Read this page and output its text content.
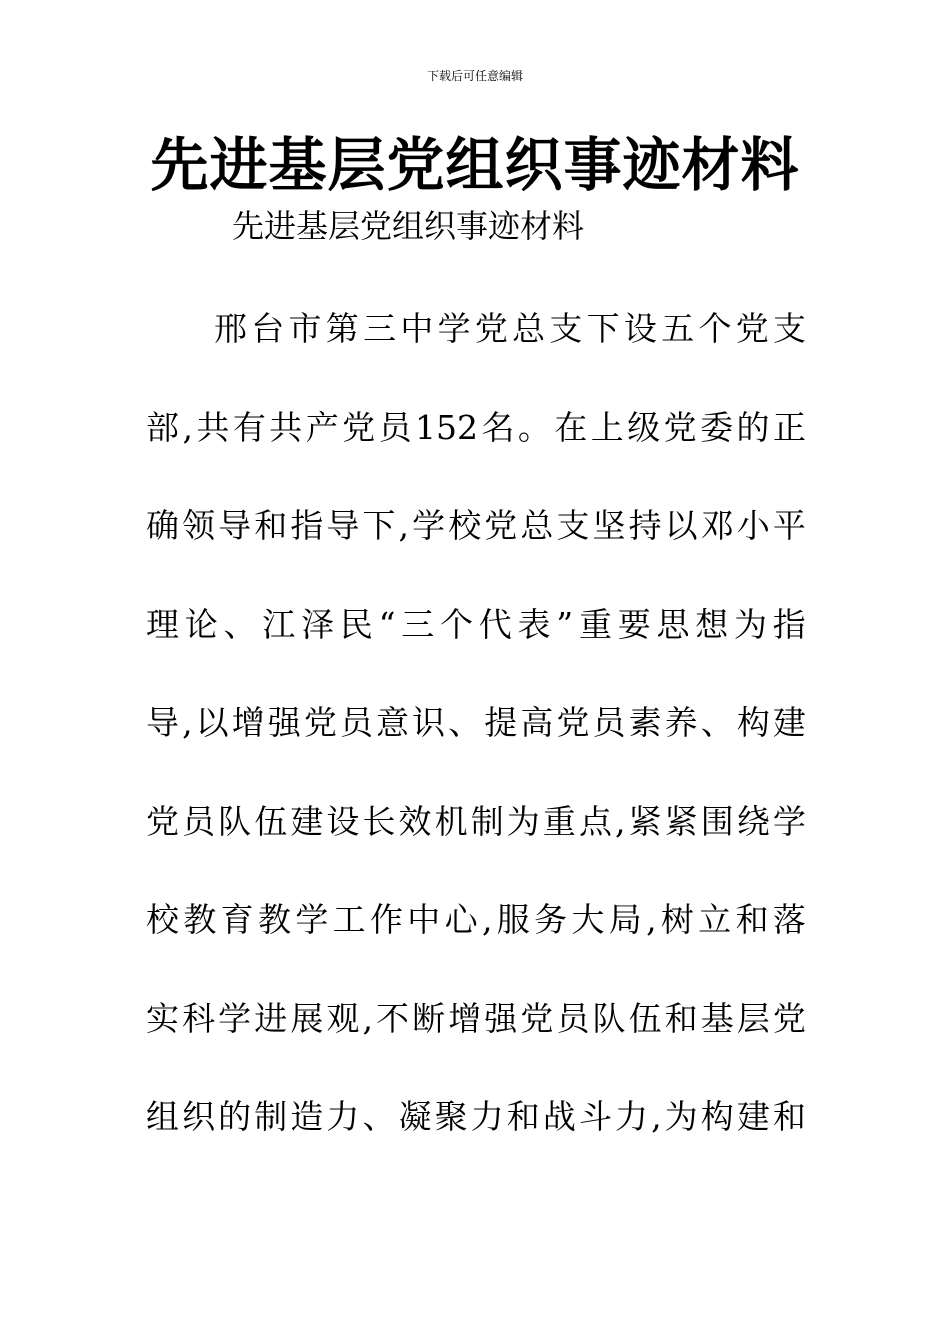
下载后可任意编辑
先进基层党组织事迹材料
先进基层党组织事迹材料
邢 台 市 第 三 中 学 党 总 支 下 设 五 个 党 支
部 , 共 有 共 产 党 员 152 名 。 在 上 级 党 委 的 正
确 领 导 和 指 导 下 , 学 校 党 总 支 坚 持 以 邓 小 平
理 论 、 江 泽 民 “ 三 个 代 表 ” 重 要 思 想 为 指
导 , 以 增 强 党 员 意 识 、 提 高 党 员 素 养 、 构 建
党 员 队 伍 建 设 长 效 机 制 为 重 点 , 紧 紧 围 绕 学
校 教 育 教 学 工 作 中 心 , 服 务 大 局 , 树 立 和 落
实 科 学 进 展 观 , 不 断 增 强 党 员 队 伍 和 基 层 党
组 织 的 制 造 力 、 凝 聚 力 和 战 斗 力 , 为 构 建 和
